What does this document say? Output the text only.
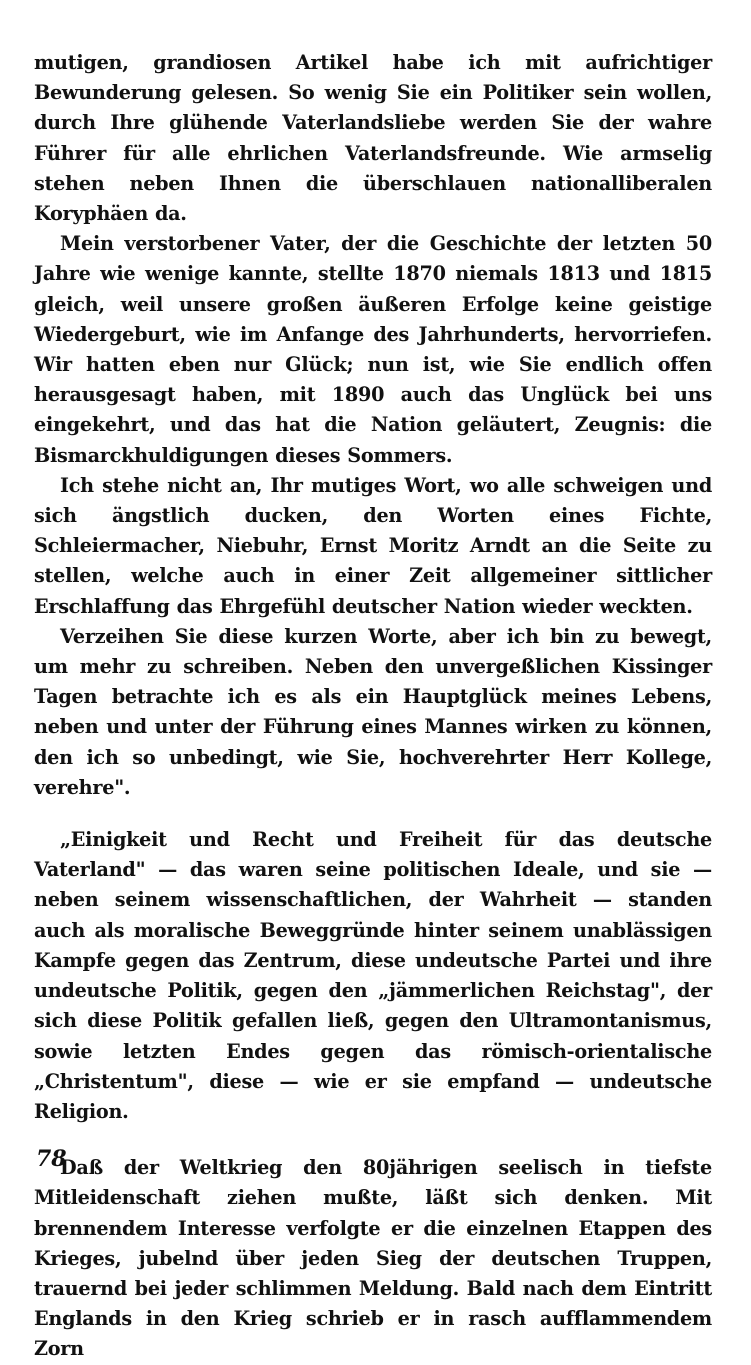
mutigen, grandiosen Artikel habe ich mit aufrichtiger Bewunderung gelesen. So wenig Sie ein Politiker sein wollen, durch Ihre glühende Vaterlandsliebe werden Sie der wahre Führer für alle ehrlichen Vaterlandsfreunde. Wie armselig stehen neben Ihnen die überschlauen nationalliberalen Koryphäen da.

Mein verstorbener Vater, der die Geschichte der letzten 50 Jahre wie wenige kannte, stellte 1870 niemals 1813 und 1815 gleich, weil unsere großen äußeren Erfolge keine geistige Wiedergeburt, wie im Anfange des Jahrhunderts, hervorriefen. Wir hatten eben nur Glück; nun ist, wie Sie endlich offen herausgesagt haben, mit 1890 auch das Unglück bei uns eingekehrt, und das hat die Nation geläutert, Zeugnis: die Bismarckhuldigungen dieses Sommers.

Ich stehe nicht an, Ihr mutiges Wort, wo alle schweigen und sich ängstlich ducken, den Worten eines Fichte, Schleiermacher, Niebuhr, Ernst Moritz Arndt an die Seite zu stellen, welche auch in einer Zeit allgemeiner sittlicher Erschlaffung das Ehrgefühl deutscher Nation wieder weckten.

Verzeihen Sie diese kurzen Worte, aber ich bin zu bewegt, um mehr zu schreiben. Neben den unvergeßlichen Kissinger Tagen betrachte ich es als ein Hauptglück meines Lebens, neben und unter der Führung eines Mannes wirken zu können, den ich so unbedingt, wie Sie, hochverehrter Herr Kollege, verehre".

„Einigkeit und Recht und Freiheit für das deutsche Vaterland" — das waren seine politischen Ideale, und sie — neben seinem wissenschaftlichen, der Wahrheit — standen auch als moralische Beweggründe hinter seinem unablässigen Kampfe gegen das Zentrum, diese undeutsche Partei und ihre undeutsche Politik, gegen den „jämmerlichen Reichstag", der sich diese Politik gefallen ließ, gegen den Ultramontanismus, sowie letzten Endes gegen das römisch-orientalische „Christentum", diese — wie er sie empfand — undeutsche Religion.

Daß der Weltkrieg den 80jährigen seelisch in tiefste Mitleidenschaft ziehen mußte, läßt sich denken. Mit brennendem Interesse verfolgte er die einzelnen Etappen des Krieges, jubelnd über jeden Sieg der deutschen Truppen, trauernd bei jeder schlimmen Meldung. Bald nach dem Eintritt Englands in den Krieg schrieb er in rasch aufflammendem Zorn

78
